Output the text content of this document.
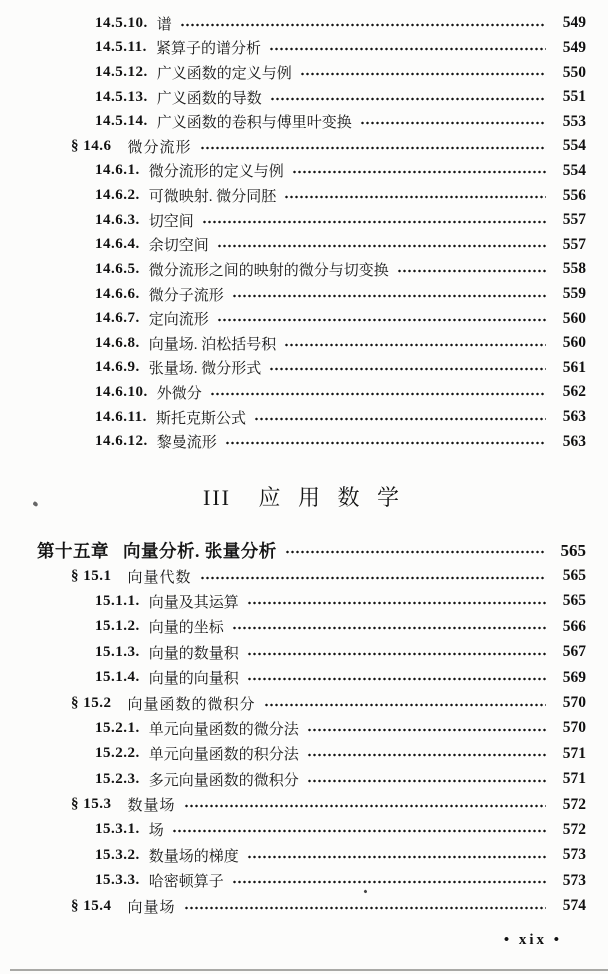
14.5.10. 谱	549
14.5.11. 紧算子的谱分析	549
14.5.12. 广义函数的定义与例	550
14.5.13. 广义函数的导数	551
14.5.14. 广义函数的卷积与傅里叶变换	553
§ 14.6 微分流形	554
14.6.1. 微分流形的定义与例	554
14.6.2. 可微映射. 微分同胚	556
14.6.3. 切空间	557
14.6.4. 余切空间	557
14.6.5. 微分流形之间的映射的微分与切变换	558
14.6.6. 微分子流形	559
14.6.7. 定向流形	560
14.6.8. 向量场. 泊松括号积	560
14.6.9. 张量场. 微分形式	561
14.6.10. 外微分	562
14.6.11. 斯托克斯公式	563
14.6.12. 黎曼流形	563
III 应 用 数 学
第十五章 向量分析. 张量分析	565
§ 15.1 向量代数	565
15.1.1. 向量及其运算	565
15.1.2. 向量的坐标	566
15.1.3. 向量的数量积	567
15.1.4. 向量的向量积	569
§ 15.2 向量函数的微积分	570
15.2.1. 单元向量函数的微分法	570
15.2.2. 单元向量函数的积分法	571
15.2.3. 多元向量函数的微积分	571
§ 15.3 数量场	572
15.3.1. 场	572
15.3.2. 数量场的梯度	573
15.3.3. 哈密顿算子	573
§ 15.4 向量场	574
• xix •
